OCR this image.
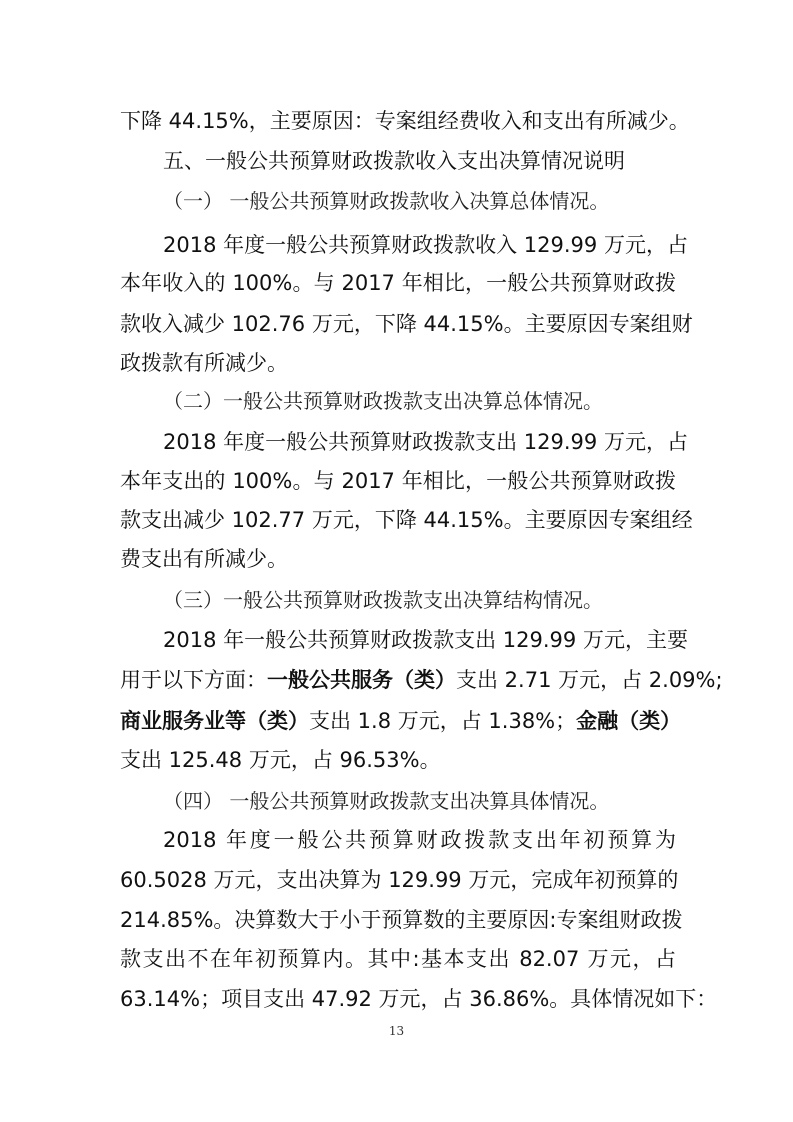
下降 44.15%，主要原因：专案组经费收入和支出有所减少。
五、一般公共预算财政拨款收入支出决算情况说明
（一） 一般公共预算财政拨款收入决算总体情况。
2018 年度一般公共预算财政拨款收入 129.99 万元，占
本年收入的 100%。与 2017 年相比，一般公共预算财政拨
款收入减少 102.76 万元，下降 44.15%。主要原因专案组财
政拨款有所减少。
（二）一般公共预算财政拨款支出决算总体情况。
2018 年度一般公共预算财政拨款支出 129.99 万元，占
本年支出的 100%。与 2017 年相比，一般公共预算财政拨
款支出减少 102.77 万元，下降 44.15%。主要原因专案组经
费支出有所减少。
（三）一般公共预算财政拨款支出决算结构情况。
2018 年一般公共预算财政拨款支出 129.99 万元，主要
用于以下方面：一般公共服务（类）支出 2.71 万元，占 2.09%;
商业服务业等（类）支出 1.8 万元，占 1.38%；金融（类）
支出 125.48 万元，占 96.53%。
（四） 一般公共预算财政拨款支出决算具体情况。
2018 年度一般公共预算财政拨款支出年初预算为
60.5028 万元，支出决算为 129.99 万元，完成年初预算的
214.85%。决算数大于小于预算数的主要原因:专案组财政拨
款支出不在年初预算内。其中:基本支出 82.07 万元，占
63.14%；项目支出 47.92 万元，占 36.86%。具体情况如下：
13
